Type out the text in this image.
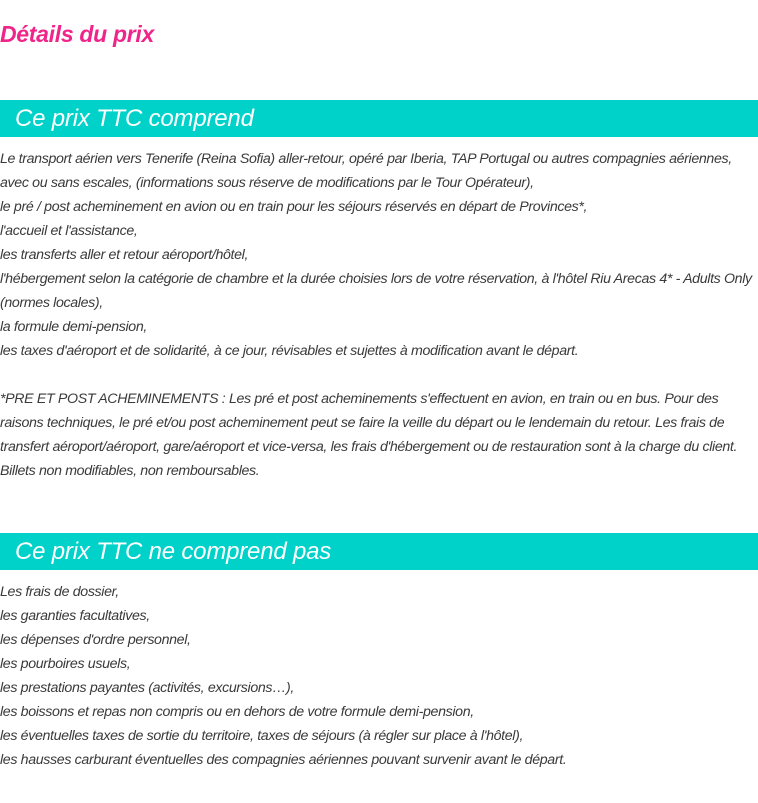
Détails du prix
Ce prix TTC comprend

Le transport aérien vers Tenerife (Reina Sofia) aller-retour, opéré par Iberia, TAP Portugal ou autres compagnies aériennes, avec ou sans escales, (informations sous réserve de modifications par le Tour Opérateur),

le pré / post acheminement en avion ou en train pour les séjours réservés en départ de Provinces*,

l'accueil et l'assistance,

les transferts aller et retour aéroport/hôtel,

l'hébergement selon la catégorie de chambre et la durée choisies lors de votre réservation, à l'hôtel Riu Arecas 4* - Adults Only (normes locales),

la formule demi-pension,

les taxes d'aéroport et de solidarité, à ce jour, révisables et sujettes à modification avant le départ.

*PRE ET POST ACHEMINEMENTS : Les pré et post acheminements s'effectuent en avion, en train ou en bus. Pour des raisons techniques, le pré et/ou post acheminement peut se faire la veille du départ ou le lendemain du retour. Les frais de transfert aéroport/aéroport, gare/aéroport et vice-versa, les frais d'hébergement ou de restauration sont à la charge du client. Billets non modifiables, non remboursables.

Ce prix TTC ne comprend pas

Les frais de dossier,

les garanties facultatives,

les dépenses d'ordre personnel,

les pourboires usuels,

les prestations payantes (activités, excursions…),

les boissons et repas non compris ou en dehors de votre formule demi-pension,

les éventuelles taxes de sortie du territoire, taxes de séjours (à régler sur place à l'hôtel),

les hausses carburant éventuelles des compagnies aériennes pouvant survenir avant le départ.
